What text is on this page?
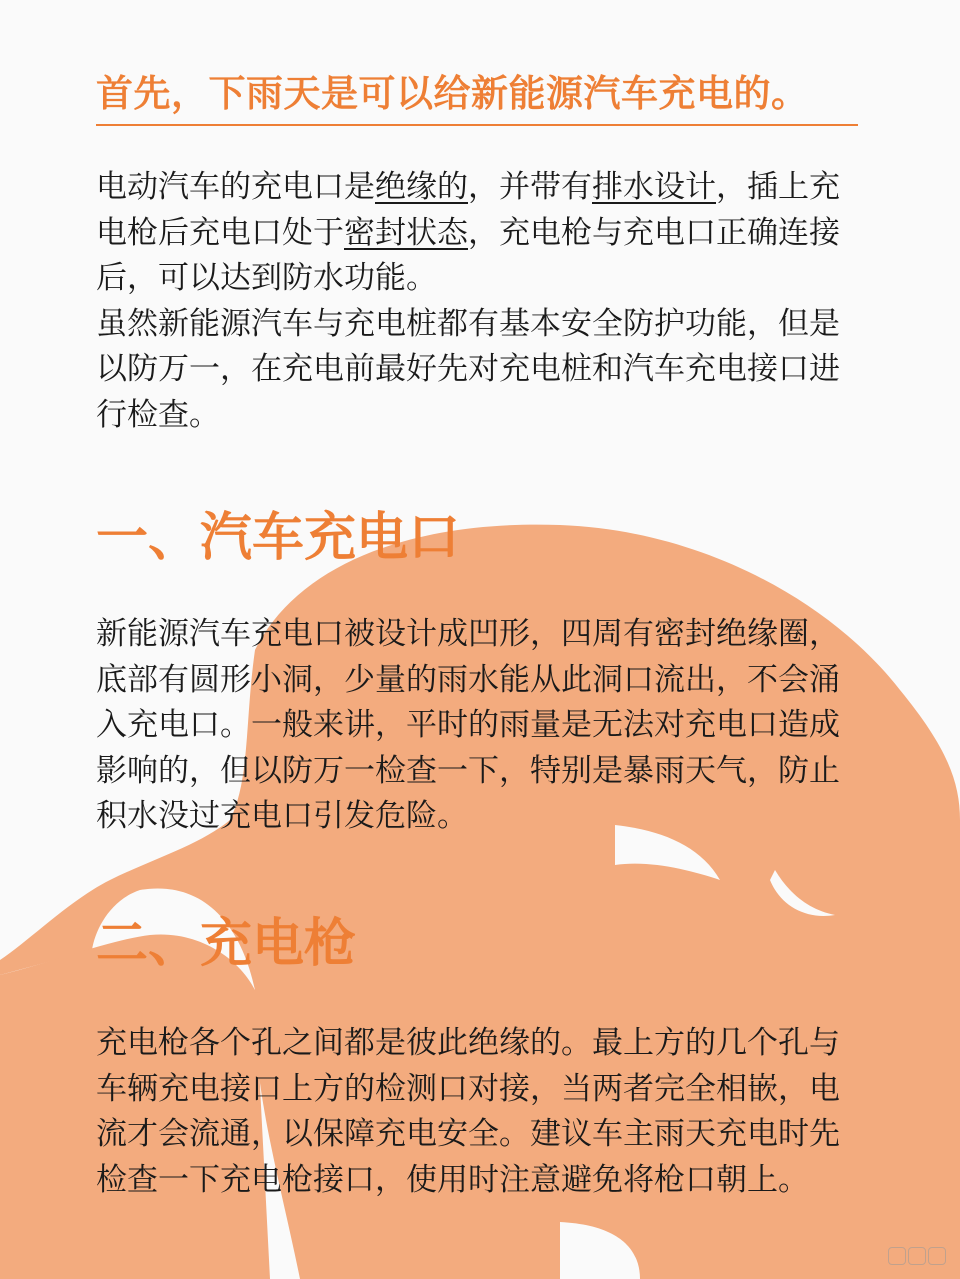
首先，下雨天是可以给新能源汽车充电的。

电动汽车的充电口是绝缘的，并带有排水设计，插上充
电枪后充电口处于密封状态，充电枪与充电口正确连接
后，可以达到防水功能。
虽然新能源汽车与充电桩都有基本安全防护功能，但是
以防万一，在充电前最好先对充电桩和汽车充电接口进
行检查。

一、汽车充电口

新能源汽车充电口被设计成凹形，四周有密封绝缘圈，
底部有圆形小洞，少量的雨水能从此洞口流出，不会涌
入充电口。一般来讲，平时的雨量是无法对充电口造成
影响的，但以防万一检查一下，特别是暴雨天气，防止
积水没过充电口引发危险。

二、充电枪

充电枪各个孔之间都是彼此绝缘的。最上方的几个孔与
车辆充电接口上方的检测口对接，当两者完全相嵌，电
流才会流通，以保障充电安全。建议车主雨天充电时先
检查一下充电枪接口，使用时注意避免将枪口朝上。
